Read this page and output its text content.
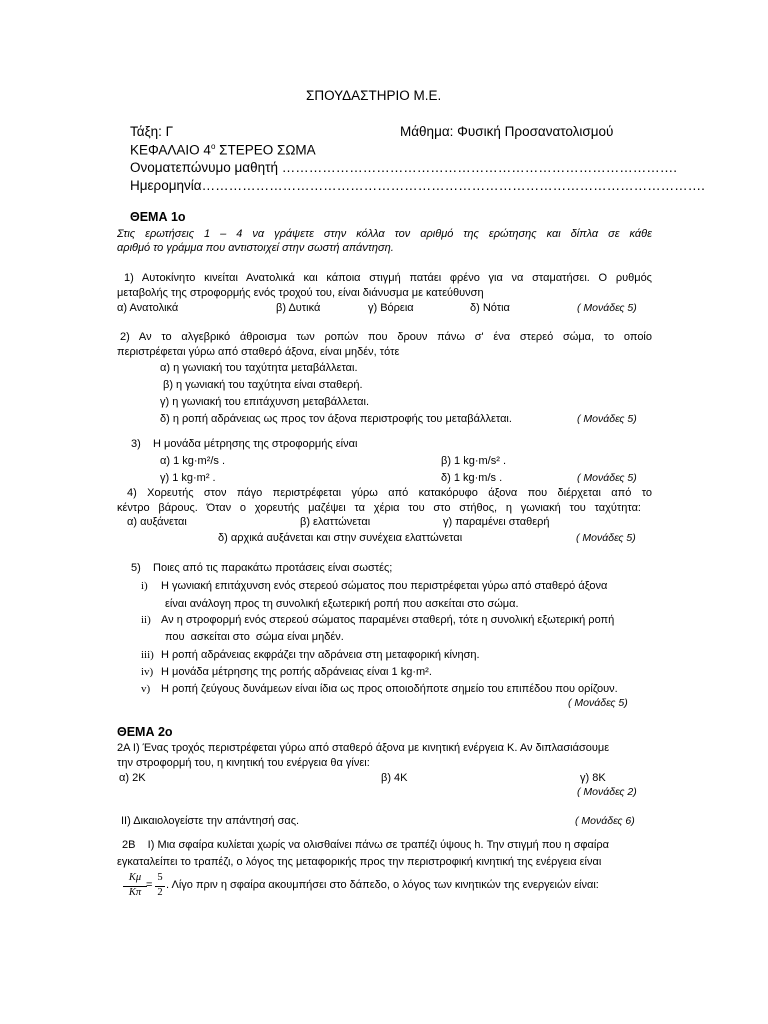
ΣΠΟΥΔΑΣΤΗΡΙΟ Μ.Ε.
Τάξη: Γ	Μάθημα: Φυσική Προσανατολισμού
ΚΕΦΑΛΑΙΟ $4^o$ ΣΤΕΡΕΟ ΣΩΜΑ
Ονοματεπώνυμο μαθητή …………………………………………………………………………….
Ημερομηνία………………………………………………………………………………………………….
ΘΕΜΑ 1ο
Στις ερωτήσεις 1 – 4 να γράψετε στην κόλλα τον αριθμό της ερώτησης και δίπλα σε κάθε
αριθμό το γράμμα που αντιστοιχεί στην σωστή απάντηση.
1) Αυτοκίνητο κινείται Ανατολικά και κάποια στιγμή πατάει φρένο για να σταματήσει. Ο ρυθμός
μεταβολής της στροφορμής ενός τροχού του, είναι διάνυσμα με κατεύθυνση
α) Ανατολικά	β) Δυτικά	γ) Βόρεια	δ) Νότια	( Μονάδες 5)
2) Αν το αλγεβρικό άθροισμα των ροπών που δρουν πάνω σ' ένα στερεό σώμα, το οποίο
περιστρέφεται γύρω από σταθερό άξονα, είναι μηδέν, τότε
α) η γωνιακή του ταχύτητα μεταβάλλεται.
β) η γωνιακή του ταχύτητα είναι σταθερή.
γ) η γωνιακή του επιτάχυνση μεταβάλλεται.
δ) η ροπή αδράνειας ως προς τον άξονα περιστροφής του μεταβάλλεται.	( Μονάδες 5)
3)    Η μονάδα μέτρησης της στροφορμής είναι
α) 1 kg·m²/s .	β) 1 kg·m/s² .
γ) 1 kg·m² .	δ) 1 kg·m/s .	( Μονάδες 5)
4) Χορευτής στον πάγο περιστρέφεται γύρω από κατακόρυφο άξονα που διέρχεται από το
κέντρο βάρους. Όταν ο χορευτής μαζέψει τα χέρια του στο στήθος, η γωνιακή του ταχύτητα:
α) αυξάνεται	β) ελαττώνεται	γ) παραμένει σταθερή
δ) αρχικά αυξάνεται και στην συνέχεια ελαττώνεται	( Μονάδες 5)
5)    Ποιες από τις παρακάτω προτάσεις είναι σωστές;
i) Η γωνιακή επιτάχυνση ενός στερεού σώματος που περιστρέφεται γύρω από σταθερό άξονα
είναι ανάλογη προς τη συνολική εξωτερική ροπή που ασκείται στο σώμα.
ii) Αν η στροφορμή ενός στερεού σώματος παραμένει σταθερή, τότε η συνολική εξωτερική ροπή
που  ασκείται στο  σώμα είναι μηδέν.
iii) Η ροπή αδράνειας εκφράζει την αδράνεια στη μεταφορική κίνηση.
iv) Η μονάδα μέτρησης της ροπής αδράνειας είναι 1 kg·m².
v) Η ροπή ζεύγους δυνάμεων είναι ίδια ως προς οποιοδήποτε σημείο του επιπέδου που ορίζουν.
( Μονάδες 5)
ΘΕΜΑ 2ο
2Α Ι) Ένας τροχός περιστρέφεται γύρω από σταθερό άξονα με κινητική ενέργεια Κ. Αν διπλασιάσουμε
την στροφορμή του, η κινητική του ενέργεια θα γίνει:
α) 2Κ	β) 4Κ	γ) 8Κ
( Μονάδες 2)
ΙΙ) Δικαιολογείστε την απάντησή σας.	( Μονάδες 6)
2Β    Ι) Μια σφαίρα κυλίεται χωρίς να ολισθαίνει πάνω σε τραπέζι ύψους h. Την στιγμή που η σφαίρα
εγκαταλείπει το τραπέζι, ο λόγος της μεταφορικής προς την περιστροφική κινητική της ενέργεια είναι
Kμ
Kπ
=
5
2
. Λίγο πριν η σφαίρα ακουμπήσει στο δάπεδο, ο λόγος των κινητικών της ενεργειών είναι:
